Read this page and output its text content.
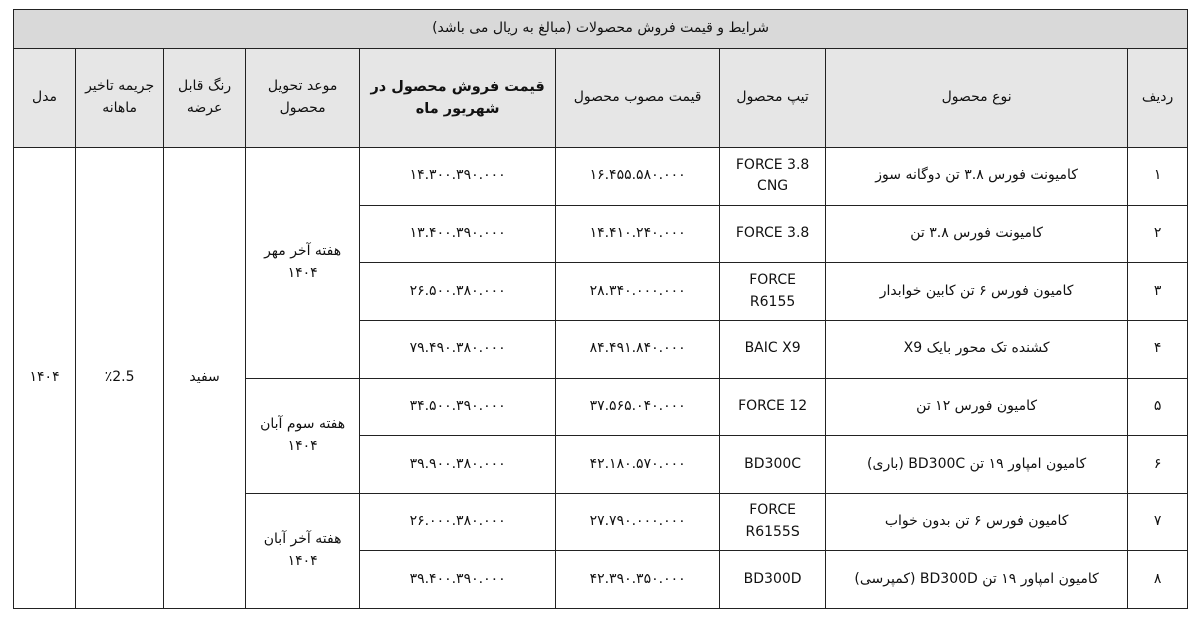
شرایط و قیمت فروش محصولات (مبالغ به ریال می باشد)								
ردیف	نوع محصول	تیپ محصول	قیمت مصوب محصول	قیمت فروش محصول در شهریور ماه	موعد تحویل محصول	رنگ قابل عرضه	جریمه تاخیر ماهانه	مدل
۱	کامیونت فورس ۳.۸ تن دوگانه سوز	FORCE 3.8 CNG	۱۶.۴۵۵.۵۸۰.۰۰۰	۱۴.۳۰۰.۳۹۰.۰۰۰	هفته آخر مهر ۱۴۰۴	سفید	٪2.5	۱۴۰۴
۲	کامیونت فورس ۳.۸ تن	FORCE 3.8	۱۴.۴۱۰.۲۴۰.۰۰۰	۱۳.۴۰۰.۳۹۰.۰۰۰				
۳	کامیون فورس ۶ تن کابین خوابدار	FORCE R6155	۲۸.۳۴۰.۰۰۰.۰۰۰	۲۶.۵۰۰.۳۸۰.۰۰۰				
۴	کشنده تک محور بایک X9	BAIC X9	۸۴.۴۹۱.۸۴۰.۰۰۰	۷۹.۴۹۰.۳۸۰.۰۰۰				
۵	کامیون فورس ۱۲ تن	FORCE 12	۳۷.۵۶۵.۰۴۰.۰۰۰	۳۴.۵۰۰.۳۹۰.۰۰۰	هفته سوم آبان ۱۴۰۴			
۶	کامیون امپاور ۱۹ تن BD300C (باری)	BD300C	۴۲.۱۸۰.۵۷۰.۰۰۰	۳۹.۹۰۰.۳۸۰.۰۰۰				
۷	کامیون فورس ۶ تن بدون خواب	FORCE R6155S	۲۷.۷۹۰.۰۰۰.۰۰۰	۲۶.۰۰۰.۳۸۰.۰۰۰	هفته آخر آبان ۱۴۰۴			
۸	کامیون امپاور ۱۹ تن BD300D (کمپرسی)	BD300D	۴۲.۳۹۰.۳۵۰.۰۰۰	۳۹.۴۰۰.۳۹۰.۰۰۰				
